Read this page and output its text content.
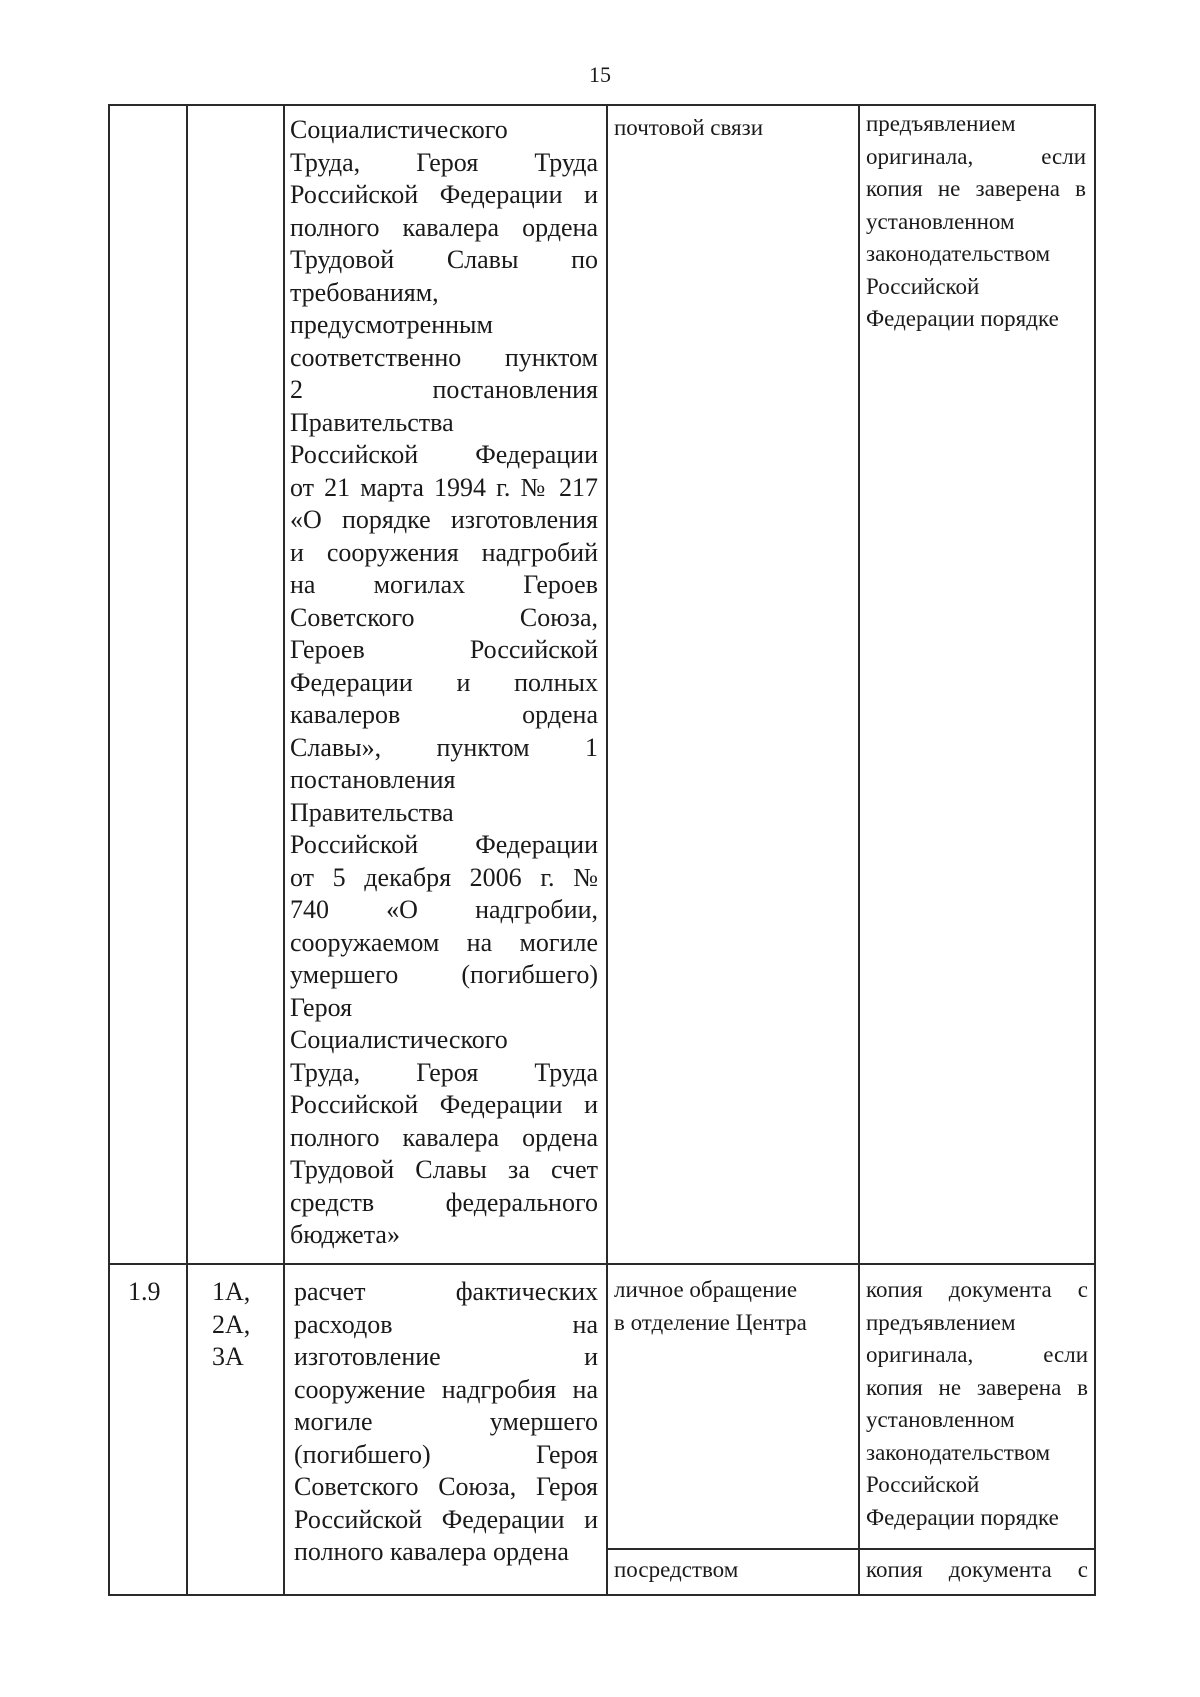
15
Социалистического
Труда, Героя Труда
Российской Федерации и
полного кавалера ордена
Трудовой Славы по
требованиям,
предусмотренным
соответственно пунктом
2 постановления
Правительства
Российской Федерации
от 21 марта 1994 г. № 217
«О порядке изготовления
и сооружения надгробий
на могилах Героев
Советского Союза,
Героев Российской
Федерации и полных
кавалеров ордена
Славы», пунктом 1
постановления
Правительства
Российской Федерации
от 5 декабря 2006 г. №
740 «О надгробии,
сооружаемом на могиле
умершего (погибшего)
Героя
Социалистического
Труда, Героя Труда
Российской Федерации и
полного кавалера ордена
Трудовой Славы за счет
средств федерального
бюджета»
почтовой связи	предъявлением
оригинала, если
копия не заверена в
установленном
законодательством
Российской
Федерации порядке
1.9 1А,
2А,
3А
расчет фактических
расходов на
изготовление и
сооружение надгробия на
могиле умершего
(погибшего) Героя
Советского Союза, Героя
Российской Федерации и
полного кавалера ордена
личное обращение
в отделение Центра
копия документа с
предъявлением
оригинала, если
копия не заверена в
установленном
законодательством
Российской
Федерации порядке
посредством	копия документа с
